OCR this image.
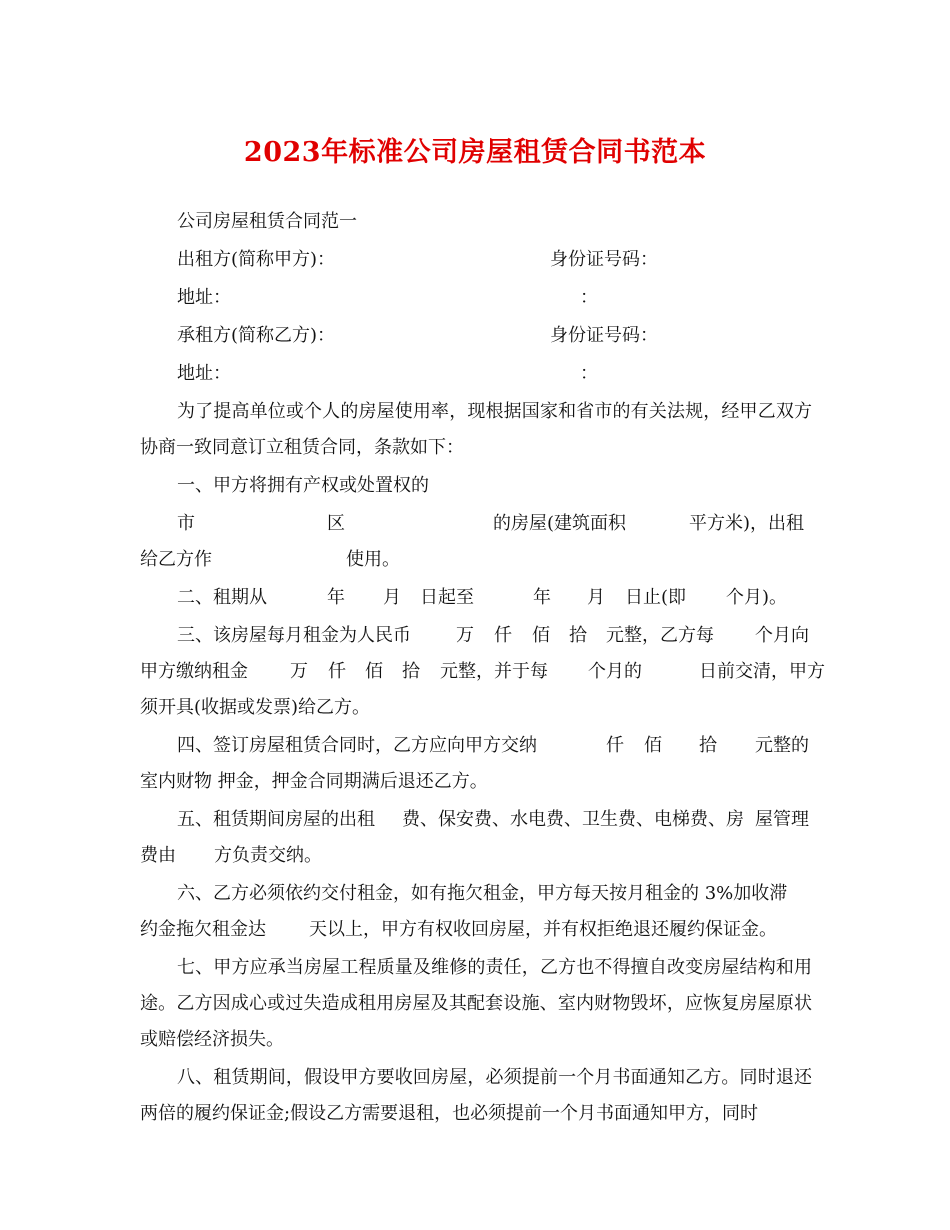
2023年标准公司房屋租赁合同书范本
公司房屋租赁合同范一
出租方(简称甲方)：	身份证号码：
地址：	：
承租方(简称乙方)：	身份证号码：
地址：	：
为了提高单位或个人的房屋使用率，现根据国家和省市的有关法规，经甲乙双方协商一致同意订立租赁合同，条款如下：
一、甲方将拥有产权或处置权的
市	区	的房屋(建筑面积	平方米)，出租
给乙方作	使用。
二、租期从	年 月 日起至	年 月 日止(即 个月)。
三、该房屋每月租金为人民币	万 仟 佰 拾 元整，乙方每 个月向
甲方缴纳租金 万 仟 佰 拾 元整，并于每 个月的	日前交清，甲方
须开具(收据或发票)给乙方。
四、签订房屋租赁合同时，乙方应向甲方交纳	仟 佰 拾 元整的
室内财物 押金，押金合同期满后退还乙方。
五、租赁期间房屋的出租 费、保安费、水电费、卫生费、电梯费、房 屋管理
费由 方负责交纳。
六、乙方必须依约交付租金，如有拖欠租金，甲方每天按月租金的 3%加收滞
约金拖欠租金达 天以上，甲方有权收回房屋，并有权拒绝退还履约保证金。
七、甲方应承当房屋工程质量及维修的责任，乙方也不得擅自改变房屋结构和用途。乙方因成心或过失造成租用房屋及其配套设施、室内财物毁坏，应恢复房屋原状或赔偿经济损失。
八、租赁期间，假设甲方要收回房屋，必须提前一个月书面通知乙方。同时退还两倍的履约保证金;假设乙方需要退租，也必须提前一个月书面通知甲方，同时
